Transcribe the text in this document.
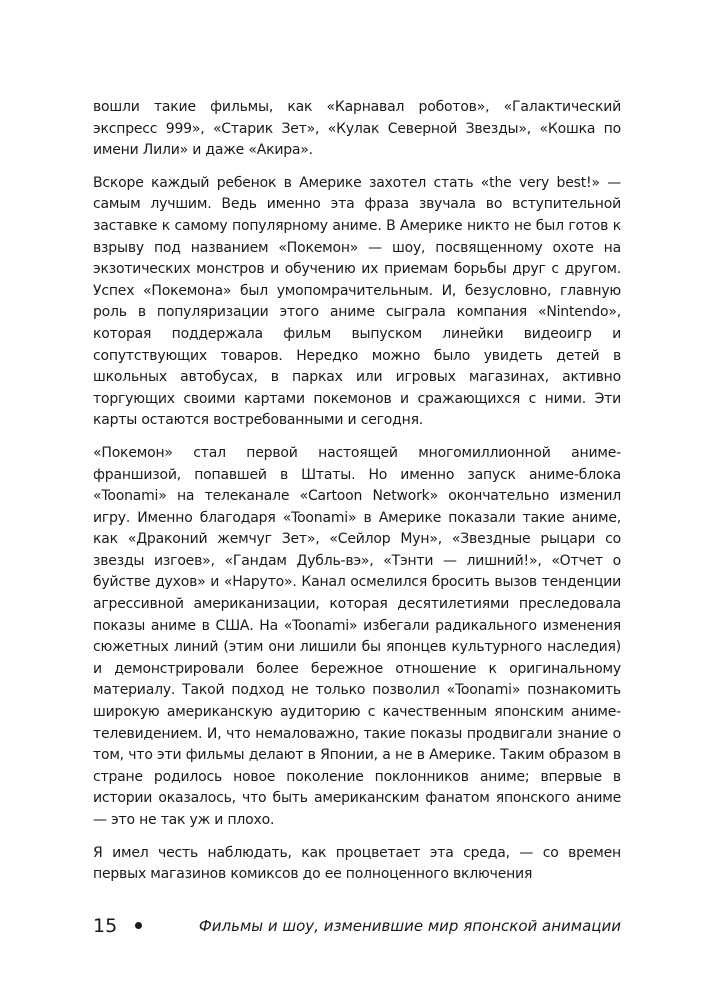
вошли такие фильмы, как «Карнавал роботов», «Галактический экспресс 999», «Старик Зет», «Кулак Северной Звезды», «Кошка по имени Лили» и даже «Акира».

Вскоре каждый ребенок в Америке захотел стать «the very best!» — самым лучшим. Ведь именно эта фраза звучала во вступительной заставке к самому популярному аниме. В Америке никто не был готов к взрыву под названием «Покемон» — шоу, посвященному охоте на экзотических монстров и обучению их приемам борьбы друг с другом. Успех «Покемона» был умопомрачительным. И, безусловно, главную роль в популяризации этого аниме сыграла компания «Nintendo», которая поддержала фильм выпуском линейки видеоигр и сопутствующих товаров. Нередко можно было увидеть детей в школьных автобусах, в парках или игровых магазинах, активно торгующих своими картами покемонов и сражающихся с ними. Эти карты остаются востребованными и сегодня.

«Покемон» стал первой настоящей многомиллионной аниме-франшизой, попавшей в Штаты. Но именно запуск аниме-блока «Toonami» на телеканале «Cartoon Network» окончательно изменил игру. Именно благодаря «Toonami» в Америке показали такие аниме, как «Драконий жемчуг Зет», «Сейлор Мун», «Звездные рыцари со звезды изгоев», «Гандам Дубль-вэ», «Тэнти — лишний!», «Отчет о буйстве духов» и «Наруто». Канал осмелился бросить вызов тенденции агрессивной американизации, которая десятилетиями преследовала показы аниме в США. На «Toonami» избегали радикального изменения сюжетных линий (этим они лишили бы японцев культурного наследия) и демонстрировали более бережное отношение к оригинальному материалу. Такой подход не только позволил «Toonami» познакомить широкую американскую аудиторию с качественным японским аниме-телевидением. И, что немаловажно, такие показы продвигали знание о том, что эти фильмы делают в Японии, а не в Америке. Таким образом в стране родилось новое поколение поклонников аниме; впервые в истории оказалось, что быть американским фанатом японского аниме — это не так уж и плохо.

Я имел честь наблюдать, как процветает эта среда, — со времен первых магазинов комиксов до ее полноценного включения

15	Фильмы и шоу, изменившие мир японской анимации
